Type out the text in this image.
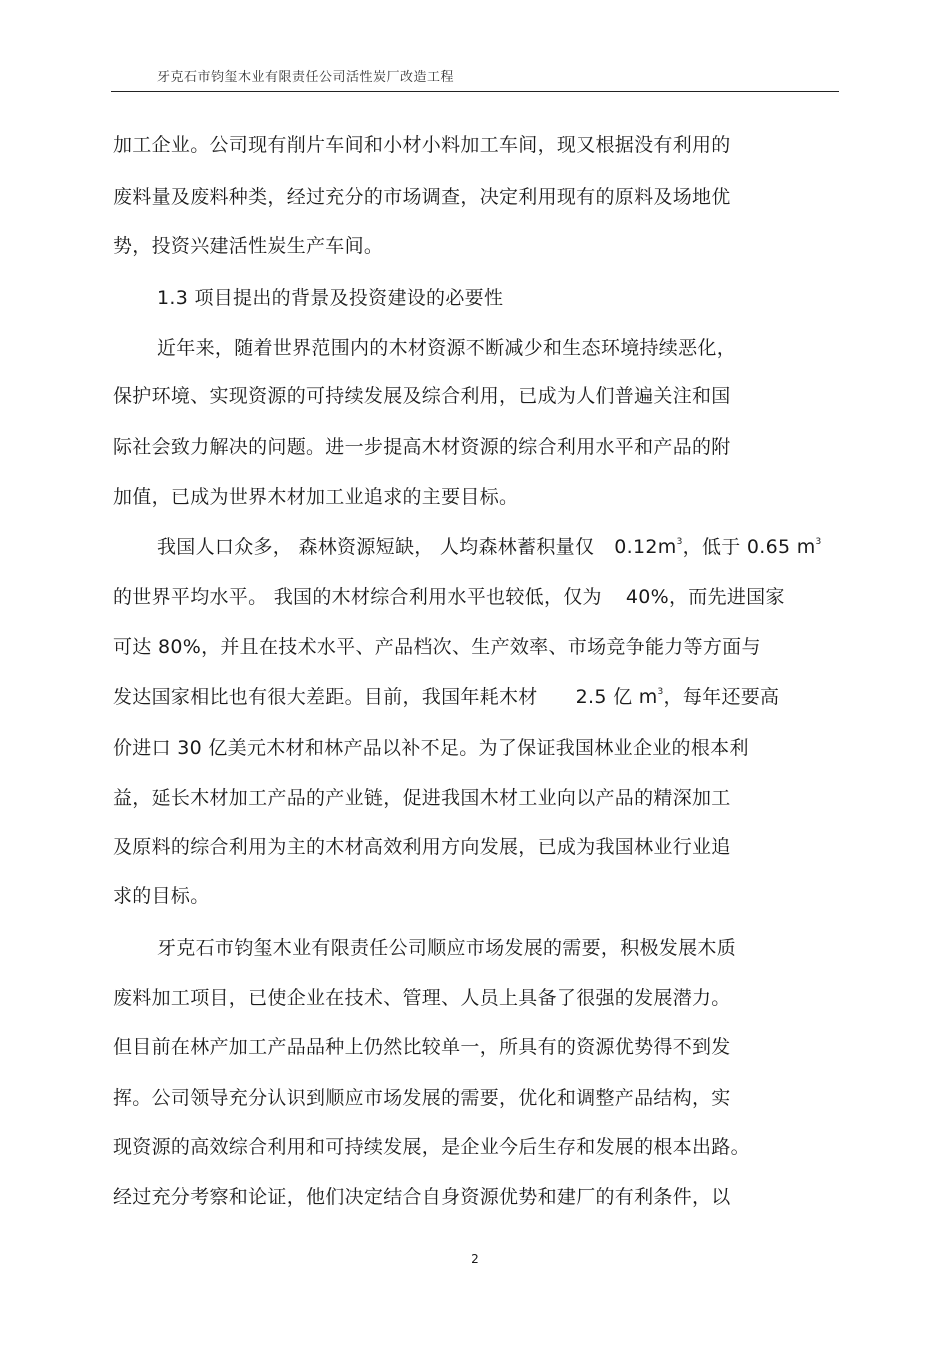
牙克石市钧玺木业有限责任公司活性炭厂改造工程
加工企业。公司现有削片车间和小材小料加工车间，现又根据没有利用的
废料量及废料种类，经过充分的市场调查，决定利用现有的原料及场地优
势，投资兴建活性炭生产车间。
1.3 项目提出的背景及投资建设的必要性
近年来，随着世界范围内的木材资源不断减少和生态环境持续恶化，
保护环境、实现资源的可持续发展及综合利用，已成为人们普遍关注和国
际社会致力解决的问题。进一步提高木材资源的综合利用水平和产品的附
加值，已成为世界木材加工业追求的主要目标。
我国人口众多， 森林资源短缺， 人均森林蓄积量仅 $0.12m^3$，低于 0.65 $m^3$
的世界平均水平。 我国的木材综合利用水平也较低，仅为 40%，而先进国家
可达 80%，并且在技术水平、产品档次、生产效率、市场竞争能力等方面与
发达国家相比也有很大差距。目前，我国年耗木材 2.5 亿 $m^3$，每年还要高
价进口 30 亿美元木材和林产品以补不足。为了保证我国林业企业的根本利
益，延长木材加工产品的产业链，促进我国木材工业向以产品的精深加工
及原料的综合利用为主的木材高效利用方向发展，已成为我国林业行业追
求的目标。
牙克石市钧玺木业有限责任公司顺应市场发展的需要，积极发展木质
废料加工项目，已使企业在技术、管理、人员上具备了很强的发展潜力。
但目前在林产加工产品品种上仍然比较单一，所具有的资源优势得不到发
挥。公司领导充分认识到顺应市场发展的需要，优化和调整产品结构，实
现资源的高效综合利用和可持续发展，是企业今后生存和发展的根本出路。
经过充分考察和论证，他们决定结合自身资源优势和建厂的有利条件，以
2
